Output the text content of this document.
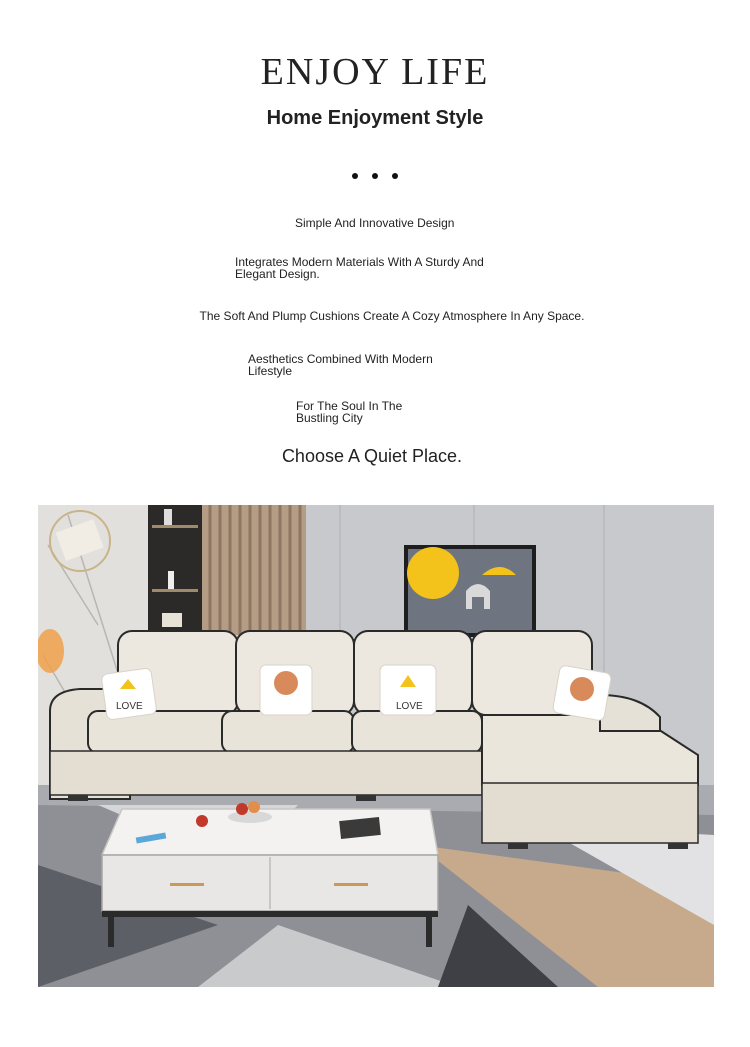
ENJOY LIFE
Home Enjoyment Style
Simple And Innovative Design
Integrates Modern Materials With A Sturdy And Elegant Design.
The Soft And Plump Cushions Create A Cozy Atmosphere In Any Space.
Aesthetics Combined With Modern Lifestyle
For The Soul In The Bustling City
Choose A Quiet Place.
LOVE	LOVE
